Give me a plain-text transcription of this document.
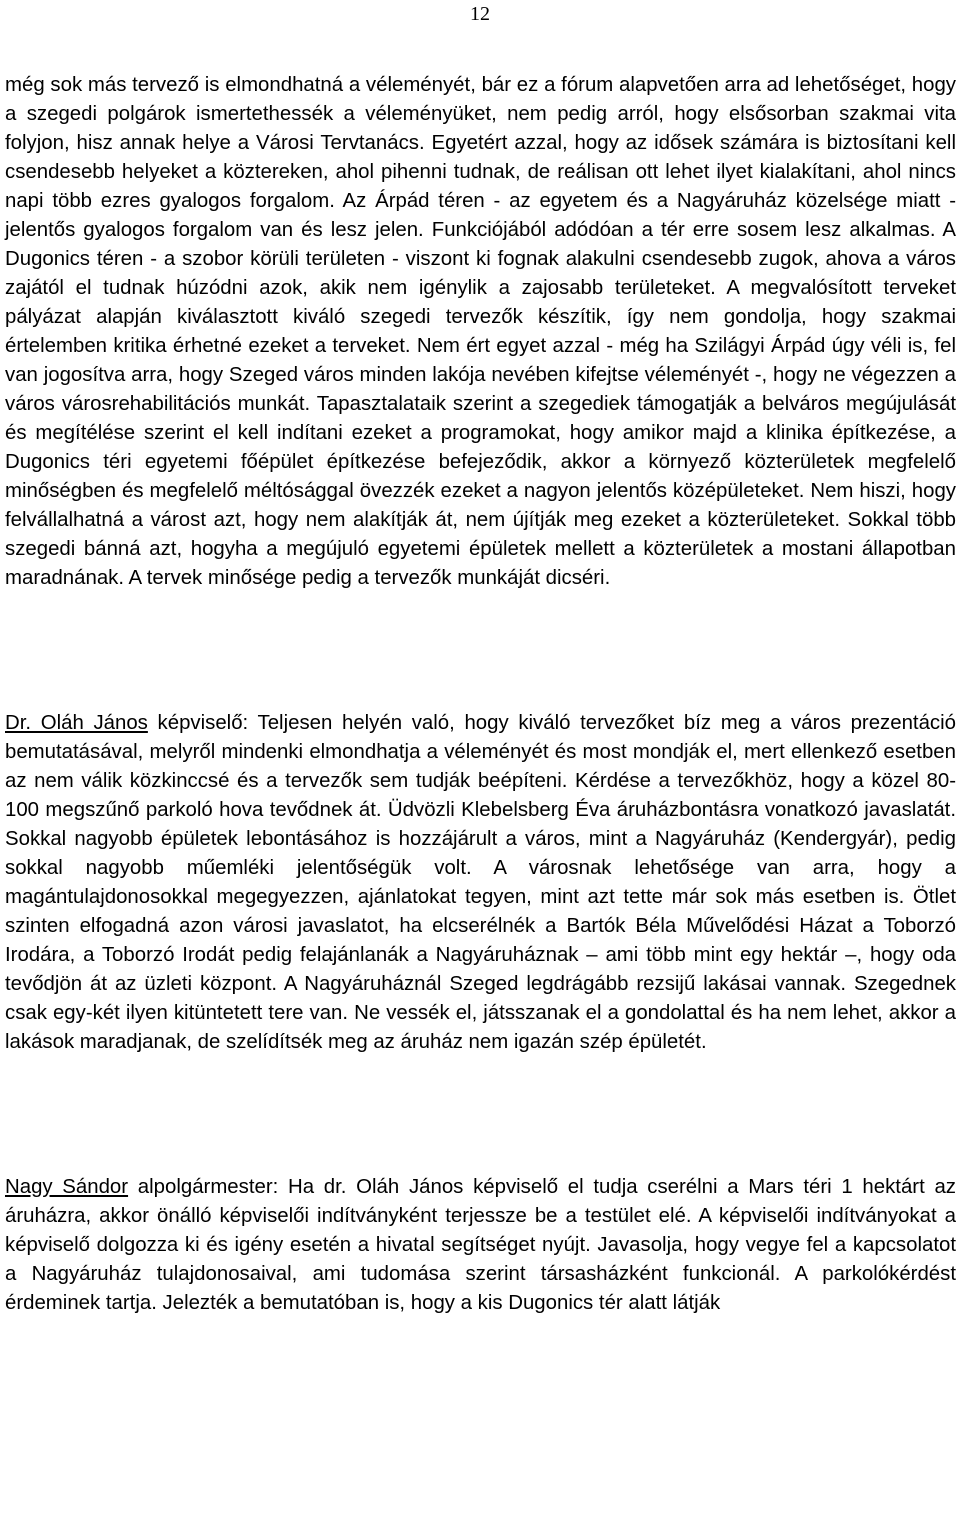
12

még sok más tervező is elmondhatná a véleményét, bár ez a fórum alapvetően arra ad lehetőséget, hogy a szegedi polgárok ismertethessék a véleményüket, nem pedig arról, hogy elsősorban szakmai vita folyjon, hisz annak helye a Városi Tervtanács. Egyetért azzal, hogy az idősek számára is biztosítani kell csendesebb helyeket a köztereken, ahol pihenni tudnak, de reálisan ott lehet ilyet kialakítani, ahol nincs napi több ezres gyalogos forgalom. Az Árpád téren - az egyetem és a Nagyáruház közelsége miatt - jelentős gyalogos forgalom van és lesz jelen. Funkciójából adódóan a tér erre sosem lesz alkalmas. A Dugonics téren - a szobor körüli területen - viszont ki fognak alakulni csendesebb zugok, ahova a város zajától el tudnak húzódni azok, akik nem igénylik a zajosabb területeket. A megvalósított terveket pályázat alapján kiválasztott kiváló szegedi tervezők készítik, így nem gondolja, hogy szakmai értelemben kritika érhetné ezeket a terveket. Nem ért egyet azzal - még ha Szilágyi Árpád úgy véli is, fel van jogosítva arra, hogy Szeged város minden lakója nevében kifejtse véleményét -, hogy ne végezzen a város városrehabilitációs munkát. Tapasztalataik szerint a szegediek támogatják a belváros megújulását és megítélése szerint el kell indítani ezeket a programokat, hogy amikor majd a klinika építkezése, a Dugonics téri egyetemi főépület építkezése befejeződik, akkor a környező közterületek megfelelő minőségben és megfelelő méltósággal övezzék ezeket a nagyon jelentős középületeket. Nem hiszi, hogy felvállalhatná a várost azt, hogy nem alakítják át, nem újítják meg ezeket a közterületeket. Sokkal több szegedi bánná azt, hogyha a megújuló egyetemi épületek mellett a közterületek a mostani állapotban maradnának. A tervek minősége pedig a tervezők munkáját dicséri.

Dr. Oláh János képviselő: Teljesen helyén való, hogy kiváló tervezőket bíz meg a város prezentáció bemutatásával, melyről mindenki elmondhatja a véleményét és most mondják el, mert ellenkező esetben az nem válik közkinccsé és a tervezők sem tudják beépíteni. Kérdése a tervezőkhöz, hogy a közel 80-100 megszűnő parkoló hova tevődnek át. Üdvözli Klebelsberg Éva áruházbontásra vonatkozó javaslatát. Sokkal nagyobb épületek lebontásához is hozzájárult a város, mint a Nagyáruház (Kendergyár), pedig sokkal nagyobb műemléki jelentőségük volt. A városnak lehetősége van arra, hogy a magántulajdonosokkal megegyezzen, ajánlatokat tegyen, mint azt tette már sok más esetben is. Ötlet szinten elfogadná azon városi javaslatot, ha elcserélnék a Bartók Béla Művelődési Házat a Toborzó Irodára, a Toborzó Irodát pedig felajánlanák a Nagyáruháznak – ami több mint egy hektár –, hogy oda tevődjön át az üzleti központ. A Nagyáruháznál Szeged legdrágább rezsijű lakásai vannak. Szegednek csak egy-két ilyen kitüntetett tere van. Ne vessék el, játsszanak el a gondolattal és ha nem lehet, akkor a lakások maradjanak, de szelídítsék meg az áruház nem igazán szép épületét.

Nagy Sándor alpolgármester: Ha dr. Oláh János képviselő el tudja cserélni a Mars téri 1 hektárt az áruházra, akkor önálló képviselői indítványként terjessze be a testület elé. A képviselői indítványokat a képviselő dolgozza ki és igény esetén a hivatal segítséget nyújt. Javasolja, hogy vegye fel a kapcsolatot a Nagyáruház tulajdonosaival, ami tudomása szerint társasházként funkcionál. A parkolókérdést érdeminek tartja. Jelezték a bemutatóban is, hogy a kis Dugonics tér alatt látják
